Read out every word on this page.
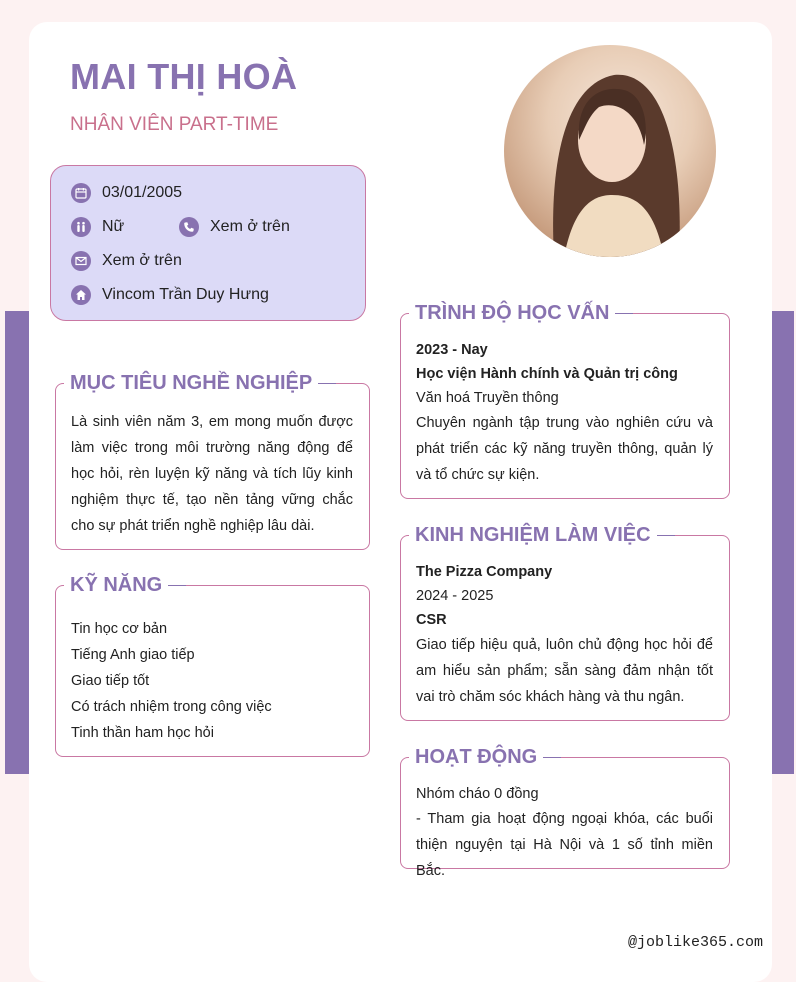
MAI THỊ HOÀ
NHÂN VIÊN PART-TIME
03/01/2005
Nữ	Xem ở trên
Xem ở trên
Vincom Trần Duy Hưng
MỤC TIÊU NGHỀ NGHIỆP
Là sinh viên năm 3, em mong muốn được làm việc trong môi trường năng động để học hỏi, rèn luyện kỹ năng và tích lũy kinh nghiệm thực tế, tạo nền tảng vững chắc cho sự phát triển nghề nghiệp lâu dài.
KỸ NĂNG
Tin học cơ bản
Tiếng Anh giao tiếp
Giao tiếp tốt
Có trách nhiệm trong công việc
Tinh thần ham học hỏi
TRÌNH ĐỘ HỌC VẤN
2023 - Nay
Học viện Hành chính và Quản trị công
Văn hoá Truyền thông
Chuyên ngành tập trung vào nghiên cứu và phát triển các kỹ năng truyền thông, quản lý và tổ chức sự kiện.
KINH NGHIỆM LÀM VIỆC
The Pizza Company
2024 - 2025
CSR
Giao tiếp hiệu quả, luôn chủ động học hỏi để am hiểu sản phẩm; sẵn sàng đảm nhận tốt vai trò chăm sóc khách hàng và thu ngân.
HOẠT ĐỘNG
Nhóm cháo 0 đồng
- Tham gia hoạt động ngoại khóa, các buổi thiện nguyện tại Hà Nội và 1 số tỉnh miền Bắc.
@joblike365.com
